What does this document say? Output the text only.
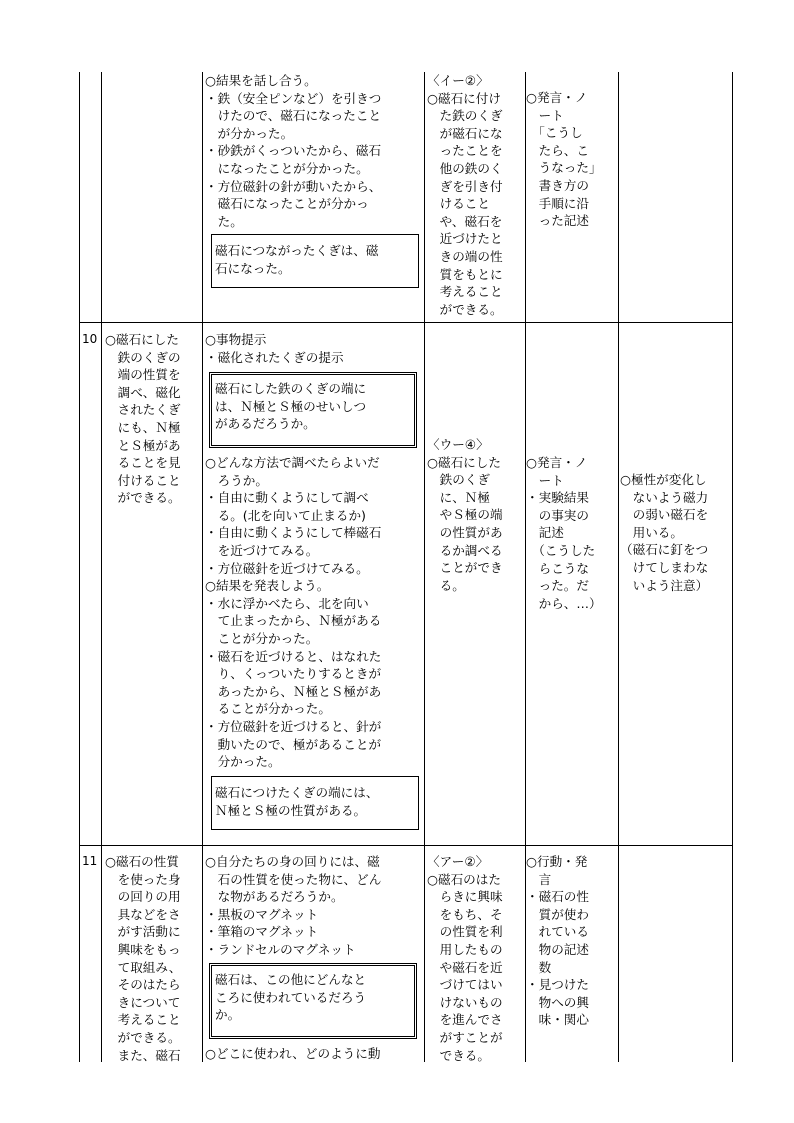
○結果を話し合う。
・鉄（安全ピンなど）を引きつ
　けたので、磁石になったこと
　が分かった。
・砂鉄がくっついたから、磁石
　になったことが分かった。
・方位磁針の針が動いたから、
　磁石になったことが分かっ
　た。
磁石につながったくぎは、磁
石になった。
〈イー②〉
○磁石に付け
　た鉄のくぎ
　が磁石にな
　ったことを
　他の鉄のく
　ぎを引き付
　けること
　や、磁石を
　近づけたと
　きの端の性
　質をもとに
　考えること
　ができる。
○発言・ノ
　ート
　「こうし
　たら、こ
　うなった」
　書き方の
　手順に沿
　った記述
10 ○磁石にした
　鉄のくぎの
　端の性質を
　調べ、磁化
　されたくぎ
　にも、Ｎ極
　とＳ極があ
　ることを見
　付けること
　ができる。
○事物提示
・磁化されたくぎの提示
磁石にした鉄のくぎの端に
は、Ｎ極とＳ極のせいしつ
があるだろうか。
○どんな方法で調べたらよいだ
　ろうか。
・自由に動くようにして調べ
　る。(北を向いて止まるか)
・自由に動くようにして棒磁石
　を近づけてみる。
・方位磁針を近づけてみる。
○結果を発表しよう。
・水に浮かべたら、北を向い
　て止まったから、Ｎ極がある
　ことが分かった。
・磁石を近づけると、はなれた
　り、くっついたりするときが
　あったから、Ｎ極とＳ極があ
　ることが分かった。
・方位磁針を近づけると、針が
　動いたので、極があることが
　分かった。
磁石につけたくぎの端には、
Ｎ極とＳ極の性質がある。
〈ウー④〉
○磁石にした
　鉄のくぎ
　に、Ｎ極
　やＳ極の端
　の性質があ
　るか調べる
　ことができ
　る。
○発言・ノ
　ート
・実験結果
　の事実の
　記述
　（こうした
　らこうな
　った。だ
　から、…）
○極性が変化し
　ないよう磁力
　の弱い磁石を
　用いる。
（磁石に釘をつ
　けてしまわな
　いよう注意）
11 ○磁石の性質
　を使った身
　の回りの用
　具などをさ
　がす活動に
　興味をもっ
　て取組み、
　そのはたら
　きについて
　考えること
　ができる。
　また、磁石
○自分たちの身の回りには、磁
　石の性質を使った物に、どん
　な物があるだろうか。
・黒板のマグネット
・筆箱のマグネット
・ランドセルのマグネット
磁石は、この他にどんなと
ころに使われているだろう
か。
○どこに使われ、どのように動
〈アー②〉
○磁石のはた
　らきに興味
　をもち、そ
　の性質を利
　用したもの
　や磁石を近
　づけてはい
　けないもの
　を進んでさ
　がすことが
　できる。
○行動・発
　言
・磁石の性
　質が使わ
　れている
　物の記述
　数
・見つけた
　物への興
　味・関心
